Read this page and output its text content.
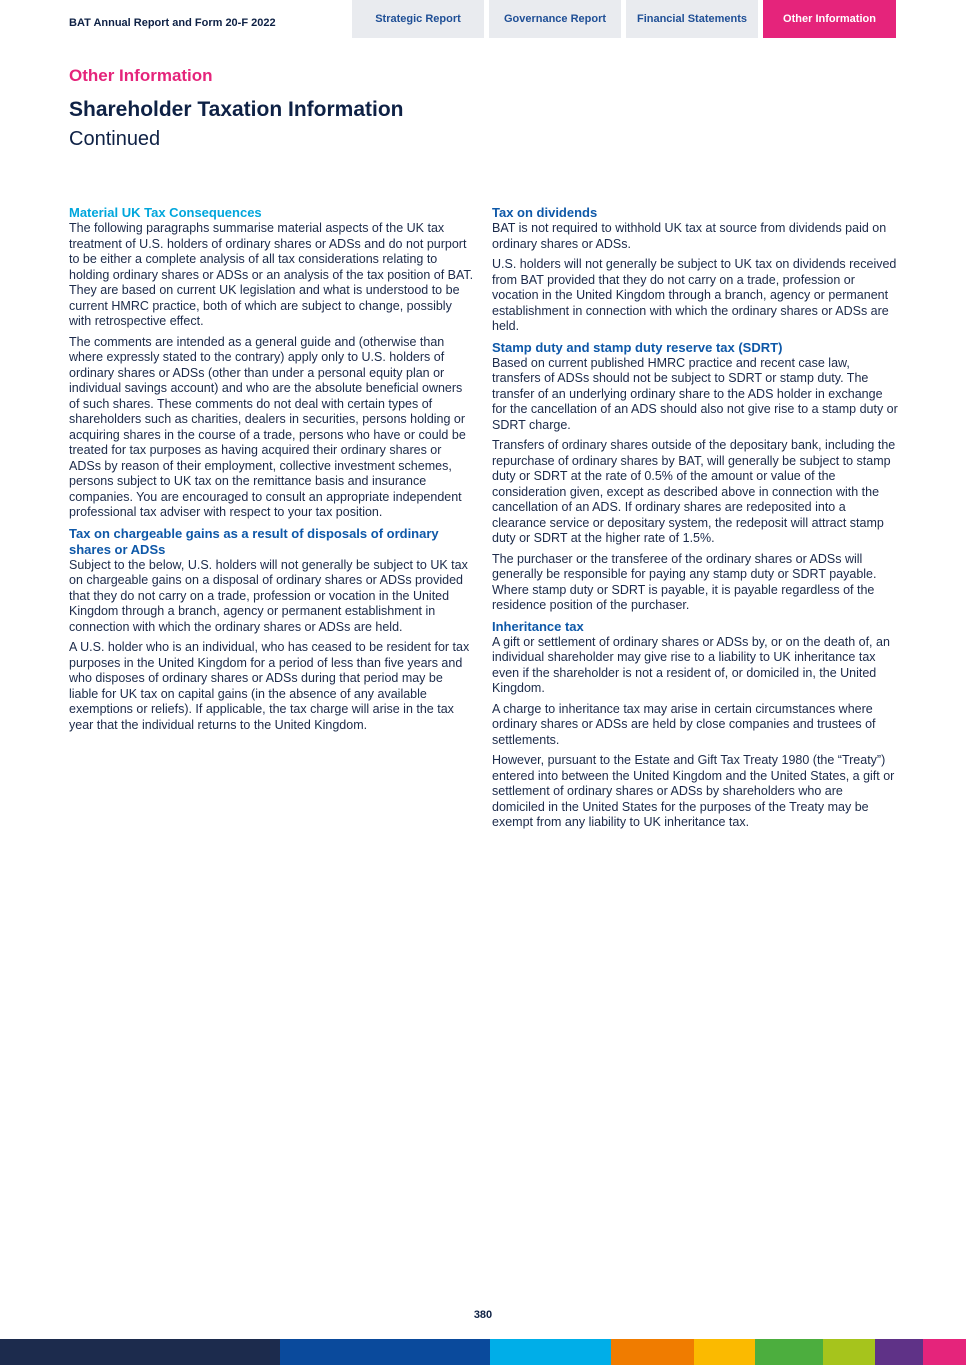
BAT Annual Report and Form 20-F 2022	Strategic Report	Governance Report	Financial Statements	Other Information
Other Information
Shareholder Taxation Information
Continued
Material UK Tax Consequences

The following paragraphs summarise material aspects of the UK tax treatment of U.S. holders of ordinary shares or ADSs and do not purport to be either a complete analysis of all tax considerations relating to holding ordinary shares or ADSs or an analysis of the tax position of BAT. They are based on current UK legislation and what is understood to be current HMRC practice, both of which are subject to change, possibly with retrospective effect.

The comments are intended as a general guide and (otherwise than where expressly stated to the contrary) apply only to U.S. holders of ordinary shares or ADSs (other than under a personal equity plan or individual savings account) and who are the absolute beneficial owners of such shares. These comments do not deal with certain types of shareholders such as charities, dealers in securities, persons holding or acquiring shares in the course of a trade, persons who have or could be treated for tax purposes as having acquired their ordinary shares or ADSs by reason of their employment, collective investment schemes, persons subject to UK tax on the remittance basis and insurance companies. You are encouraged to consult an appropriate independent professional tax adviser with respect to your tax position.

Tax on chargeable gains as a result of disposals of ordinary shares or ADSs

Subject to the below, U.S. holders will not generally be subject to UK tax on chargeable gains on a disposal of ordinary shares or ADSs provided that they do not carry on a trade, profession or vocation in the United Kingdom through a branch, agency or permanent establishment in connection with which the ordinary shares or ADSs are held.

A U.S. holder who is an individual, who has ceased to be resident for tax purposes in the United Kingdom for a period of less than five years and who disposes of ordinary shares or ADSs during that period may be liable for UK tax on capital gains (in the absence of any available exemptions or reliefs). If applicable, the tax charge will arise in the tax year that the individual returns to the United Kingdom.

Tax on dividends

BAT is not required to withhold UK tax at source from dividends paid on ordinary shares or ADSs.

U.S. holders will not generally be subject to UK tax on dividends received from BAT provided that they do not carry on a trade, profession or vocation in the United Kingdom through a branch, agency or permanent establishment in connection with which the ordinary shares or ADSs are held.

Stamp duty and stamp duty reserve tax (SDRT)

Based on current published HMRC practice and recent case law, transfers of ADSs should not be subject to SDRT or stamp duty. The transfer of an underlying ordinary share to the ADS holder in exchange for the cancellation of an ADS should also not give rise to a stamp duty or SDRT charge.

Transfers of ordinary shares outside of the depositary bank, including the repurchase of ordinary shares by BAT, will generally be subject to stamp duty or SDRT at the rate of 0.5% of the amount or value of the consideration given, except as described above in connection with the cancellation of an ADS. If ordinary shares are redeposited into a clearance service or depositary system, the redeposit will attract stamp duty or SDRT at the higher rate of 1.5%.

The purchaser or the transferee of the ordinary shares or ADSs will generally be responsible for paying any stamp duty or SDRT payable. Where stamp duty or SDRT is payable, it is payable regardless of the residence position of the purchaser.

Inheritance tax

A gift or settlement of ordinary shares or ADSs by, or on the death of, an individual shareholder may give rise to a liability to UK inheritance tax even if the shareholder is not a resident of, or domiciled in, the United Kingdom.

A charge to inheritance tax may arise in certain circumstances where ordinary shares or ADSs are held by close companies and trustees of settlements.

However, pursuant to the Estate and Gift Tax Treaty 1980 (the “Treaty”) entered into between the United Kingdom and the United States, a gift or settlement of ordinary shares or ADSs by shareholders who are domiciled in the United States for the purposes of the Treaty may be exempt from any liability to UK inheritance tax.

380
